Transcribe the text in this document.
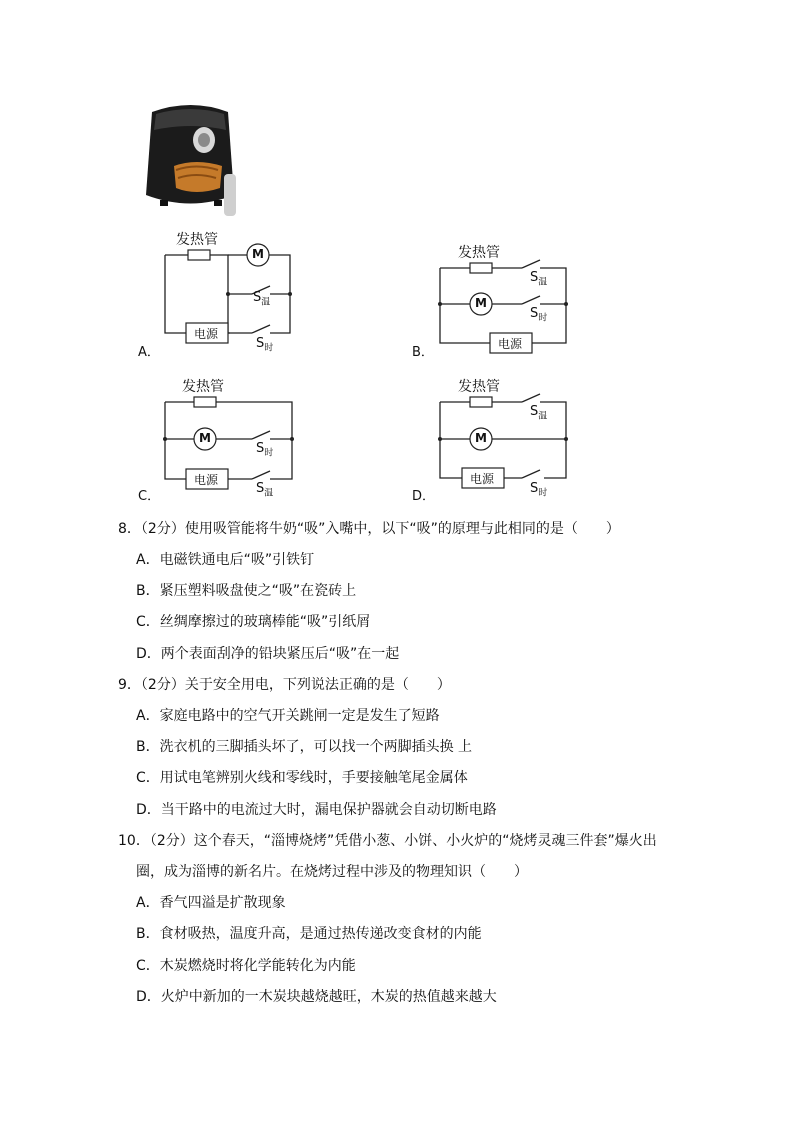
发热管
M
电源
$S_温$
$S_时$
A．
发热管
M
电源
$S_温$
$S_时$
B．
发热管
M
电源
$S_时$
$S_温$
C．
发热管
M
电源
$S_温$
$S_时$
D．
8．（2分）使用吸管能将牛奶“吸”入嘴中，以下“吸”的原理与此相同的是（　　）
A．电磁铁通电后“吸”引铁钉
B．紧压塑料吸盘使之“吸”在瓷砖上
C．丝绸摩擦过的玻璃棒能“吸”引纸屑
D．两个表面刮净的铅块紧压后“吸”在一起
9．（2分）关于安全用电，下列说法正确的是（　　）
A．家庭电路中的空气开关跳闸一定是发生了短路
B．洗衣机的三脚插头坏了，可以找一个两脚插头换 上
C．用试电笔辨别火线和零线时，手要接触笔尾金属体
D．当干路中的电流过大时，漏电保护器就会自动切断电路
10．（2分）这个春天，“淄博烧烤”凭借小葱、小饼、小火炉的“烧烤灵魂三件套”爆火出
圈，成为淄博的新名片。在烧烤过程中涉及的物理知识（　　）
A．香气四溢是扩散现象
B．食材吸热，温度升高，是通过热传递改变食材的内能
C．木炭燃烧时将化学能转化为内能
D．火炉中新加的一木炭块越烧越旺，木炭的热值越来越大
